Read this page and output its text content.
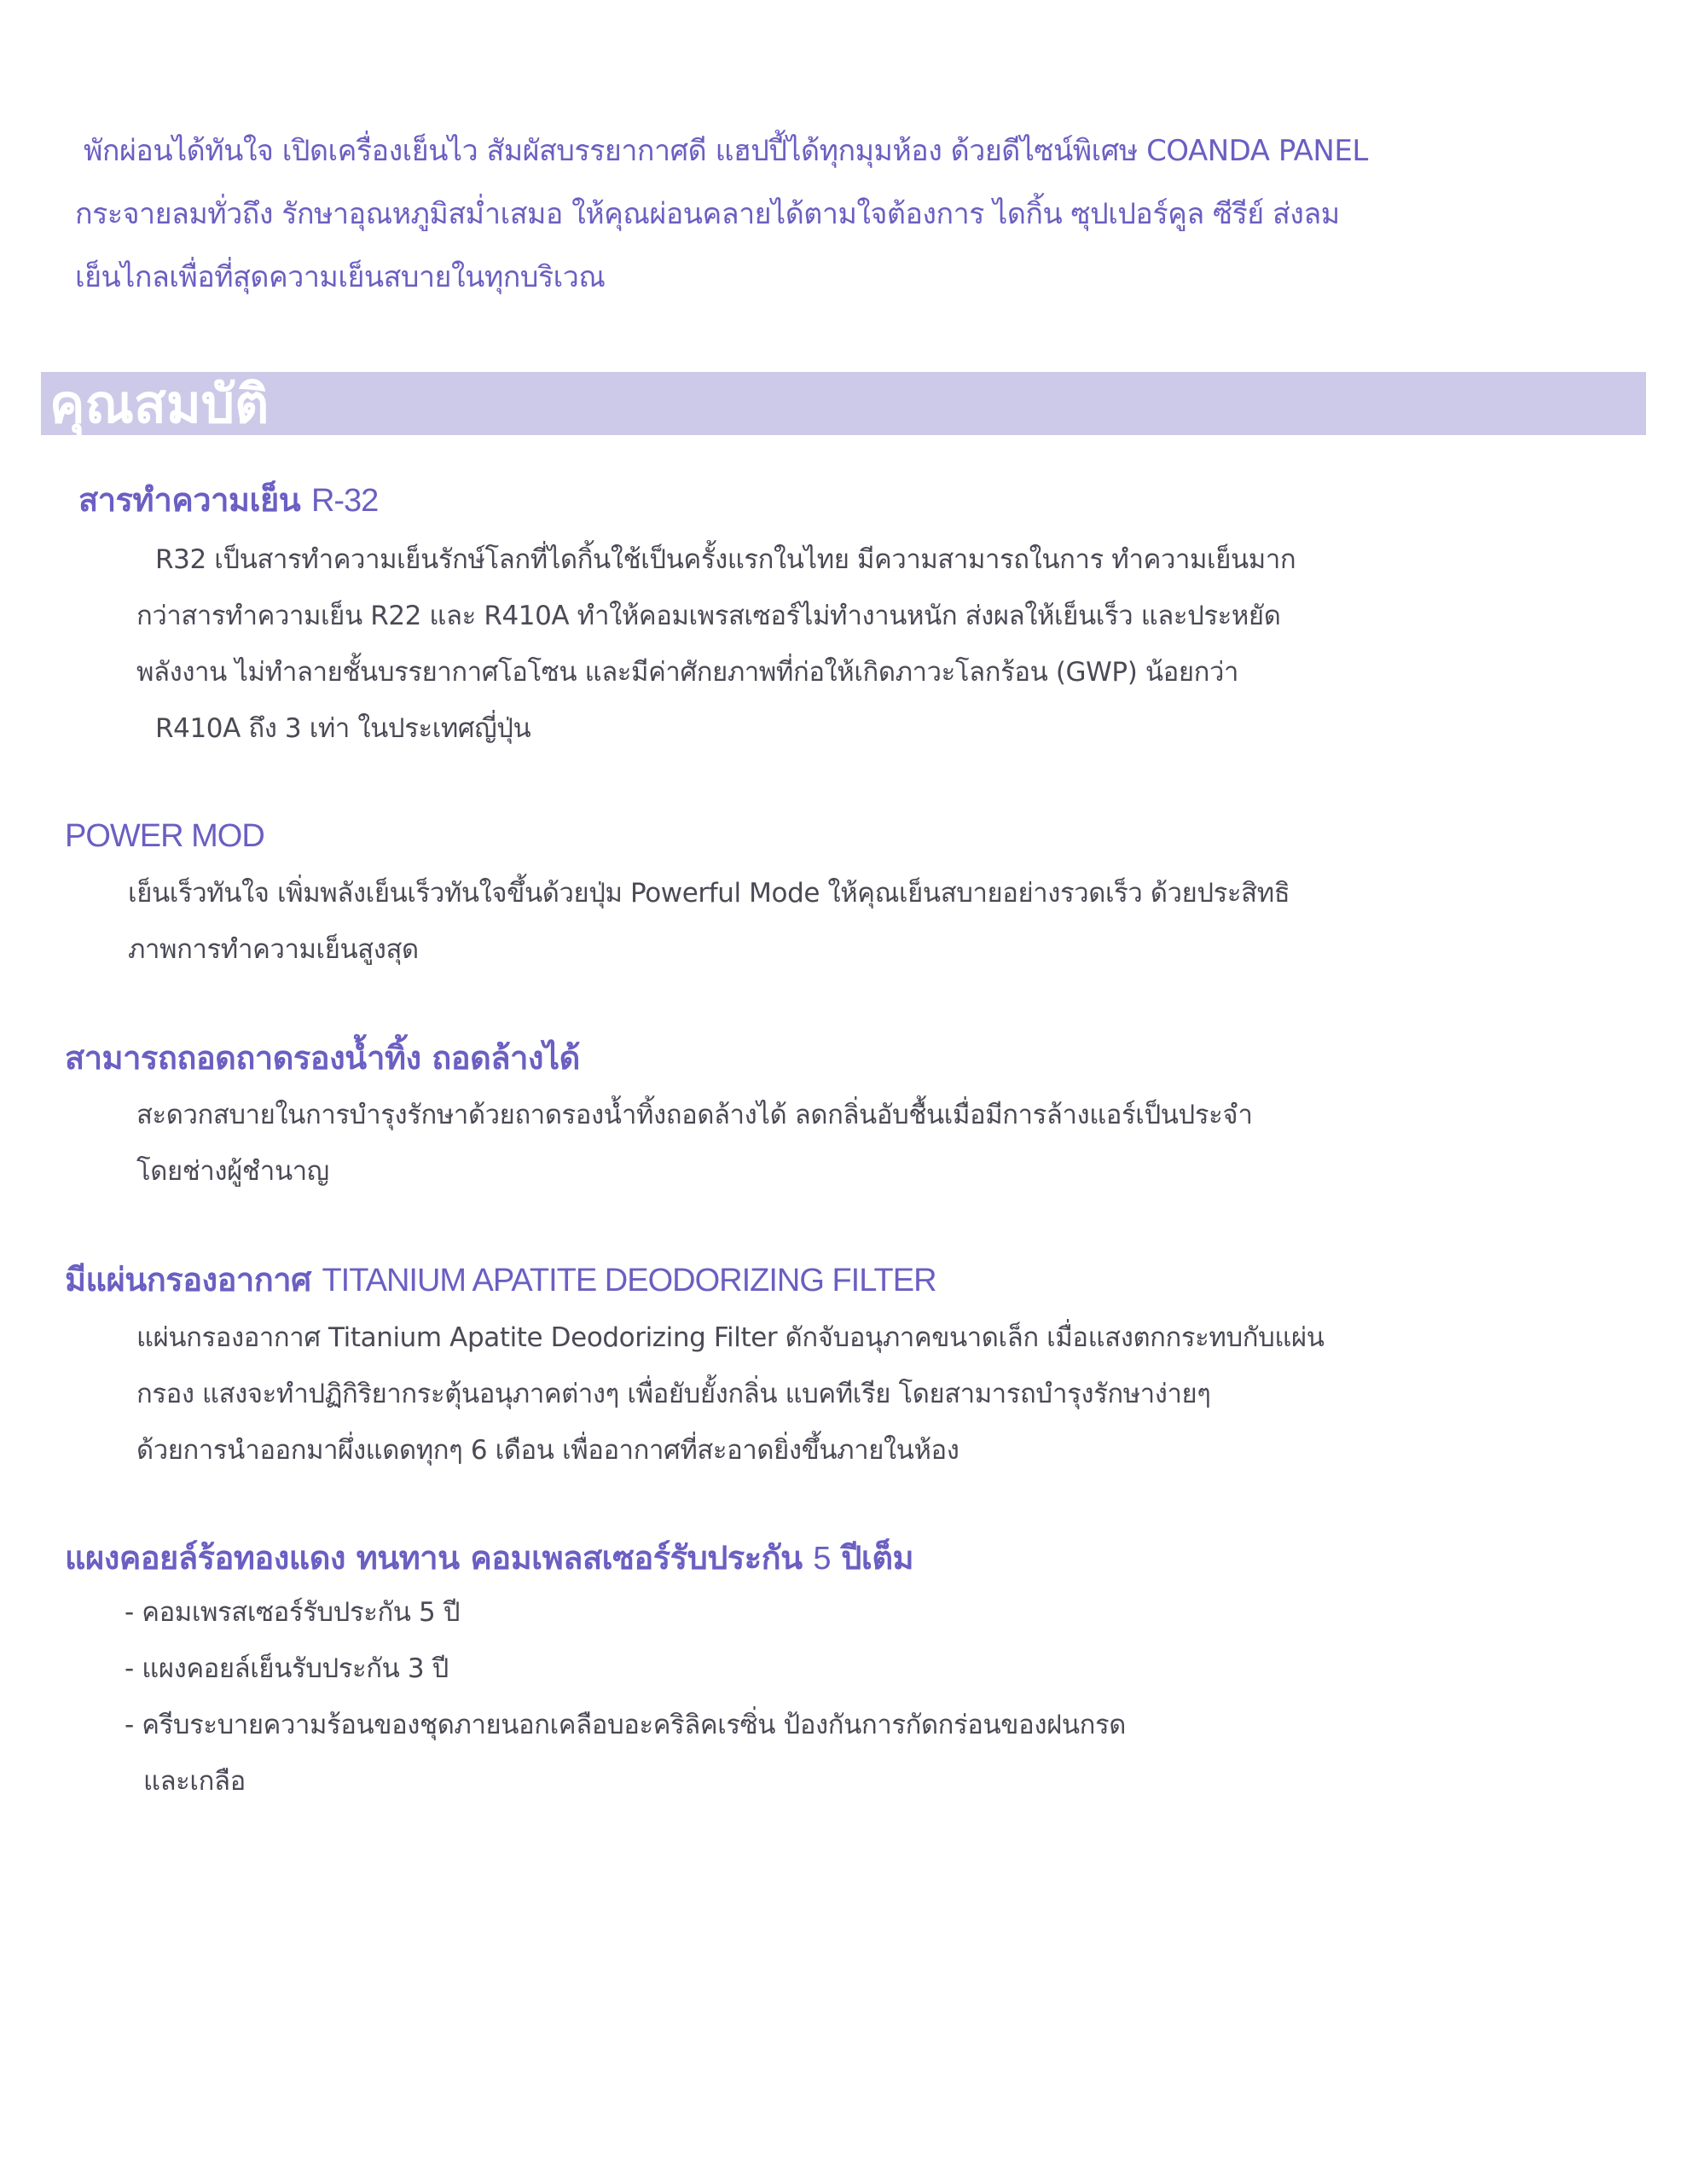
พักผ่อนได้ทันใจ เปิดเครื่องเย็นไว สัมผัสบรรยากาศดี แฮปปี้ได้ทุกมุมห้อง ด้วยดีไซน์พิเศษ COANDA PANEL
กระจายลมทั่วถึง รักษาอุณหภูมิสม่ำเสมอ ให้คุณผ่อนคลายได้ตามใจต้องการ ไดกิ้น ซุปเปอร์คูล ซีรีย์ ส่งลม
เย็นไกลเพื่อที่สุดความเย็นสบายในทุกบริเวณ

คุณสมบัติ
สารทำความเย็น R-32

R32 เป็นสารทำความเย็นรักษ์โลกที่ไดกิ้นใช้เป็นครั้งแรกในไทย มีความสามารถในการ ทำความเย็นมาก
กว่าสารทำความเย็น R22 และ R410A ทำให้คอมเพรสเซอร์ไม่ทำงานหนัก ส่งผลให้เย็นเร็ว และประหยัด
พลังงาน ไม่ทำลายชั้นบรรยากาศโอโซน และมีค่าศักยภาพที่ก่อให้เกิดภาวะโลกร้อน (GWP) น้อยกว่า
R410A ถึง 3 เท่า ในประเทศญี่ปุ่น

POWER MOD

เย็นเร็วทันใจ เพิ่มพลังเย็นเร็วทันใจขึ้นด้วยปุ่ม Powerful Mode ให้คุณเย็นสบายอย่างรวดเร็ว ด้วยประสิทธิ
ภาพการทำความเย็นสูงสุด

สามารถถอดถาดรองน้ำทิ้ง ถอดล้างได้

สะดวกสบายในการบำรุงรักษาด้วยถาดรองน้ำทิ้งถอดล้างได้ ลดกลิ่นอับชื้นเมื่อมีการล้างแอร์เป็นประจำ
โดยช่างผู้ชำนาญ

มีแผ่นกรองอากาศ TITANIUM APATITE DEODORIZING FILTER

แผ่นกรองอากาศ Titanium Apatite Deodorizing Filter ดักจับอนุภาคขนาดเล็ก เมื่อแสงตกกระทบกับแผ่น
กรอง แสงจะทำปฏิกิริยากระตุ้นอนุภาคต่างๆ เพื่อยับยั้งกลิ่น แบคทีเรีย โดยสามารถบำรุงรักษาง่ายๆ
ด้วยการนำออกมาผึ่งแดดทุกๆ 6 เดือน เพื่ออากาศที่สะอาดยิ่งขึ้นภายในห้อง

แผงคอยล์ร้อทองแดง ทนทาน คอมเพลสเซอร์รับประกัน 5 ปีเต็ม

- คอมเพรสเซอร์รับประกัน 5 ปี
- แผงคอยล์เย็นรับประกัน 3 ปี
- ครีบระบายความร้อนของชุดภายนอกเคลือบอะคริลิคเรซิ่น ป้องกันการกัดกร่อนของฝนกรด
และเกลือ
